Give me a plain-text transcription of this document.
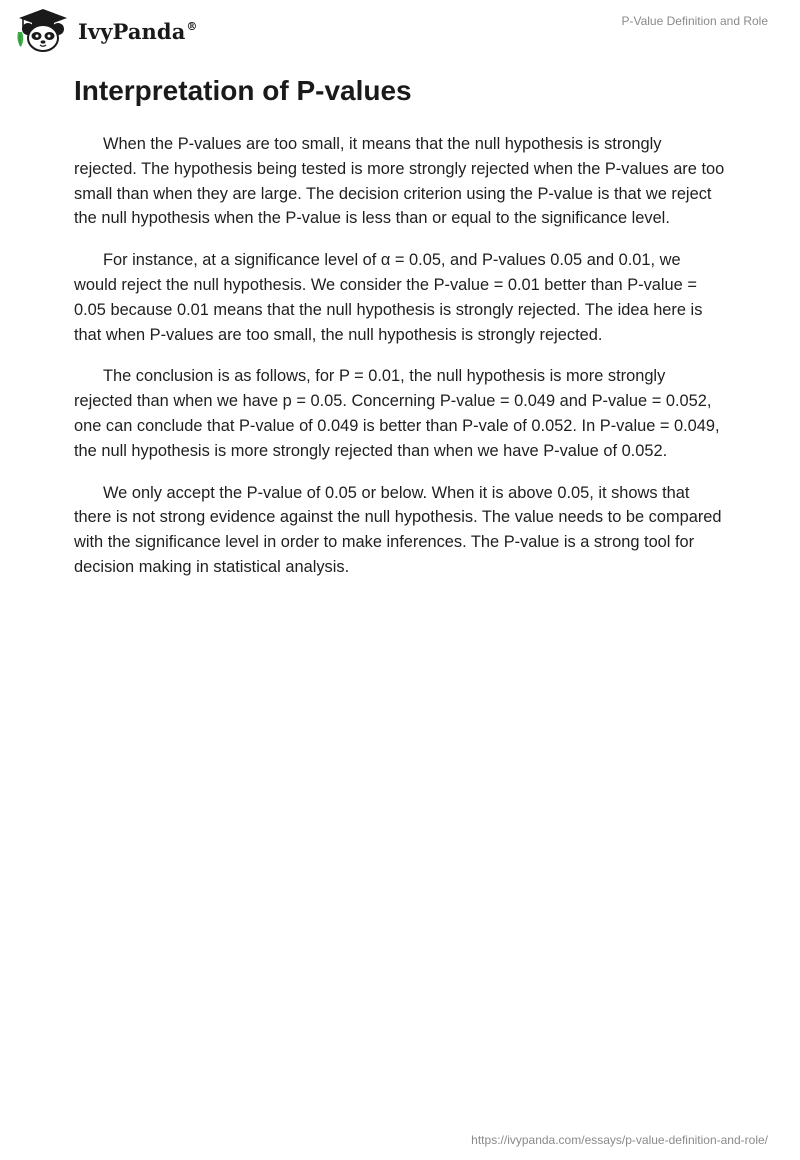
IvyPanda®	P-Value Definition and Role
Interpretation of P-values

When the P-values are too small, it means that the null hypothesis is strongly rejected. The hypothesis being tested is more strongly rejected when the P-values are too small than when they are large. The decision criterion using the P-value is that we reject the null hypothesis when the P-value is less than or equal to the significance level.

For instance, at a significance level of α = 0.05, and P-values 0.05 and 0.01, we would reject the null hypothesis. We consider the P-value = 0.01 better than P-value = 0.05 because 0.01 means that the null hypothesis is strongly rejected. The idea here is that when P-values are too small, the null hypothesis is strongly rejected.

The conclusion is as follows, for P = 0.01, the null hypothesis is more strongly rejected than when we have p = 0.05. Concerning P-value = 0.049 and P-value = 0.052, one can conclude that P-value of 0.049 is better than P-vale of 0.052. In P-value = 0.049, the null hypothesis is more strongly rejected than when we have P-value of 0.052.

We only accept the P-value of 0.05 or below. When it is above 0.05, it shows that there is not strong evidence against the null hypothesis. The value needs to be compared with the significance level in order to make inferences. The P-value is a strong tool for decision making in statistical analysis.

https://ivypanda.com/essays/p-value-definition-and-role/
